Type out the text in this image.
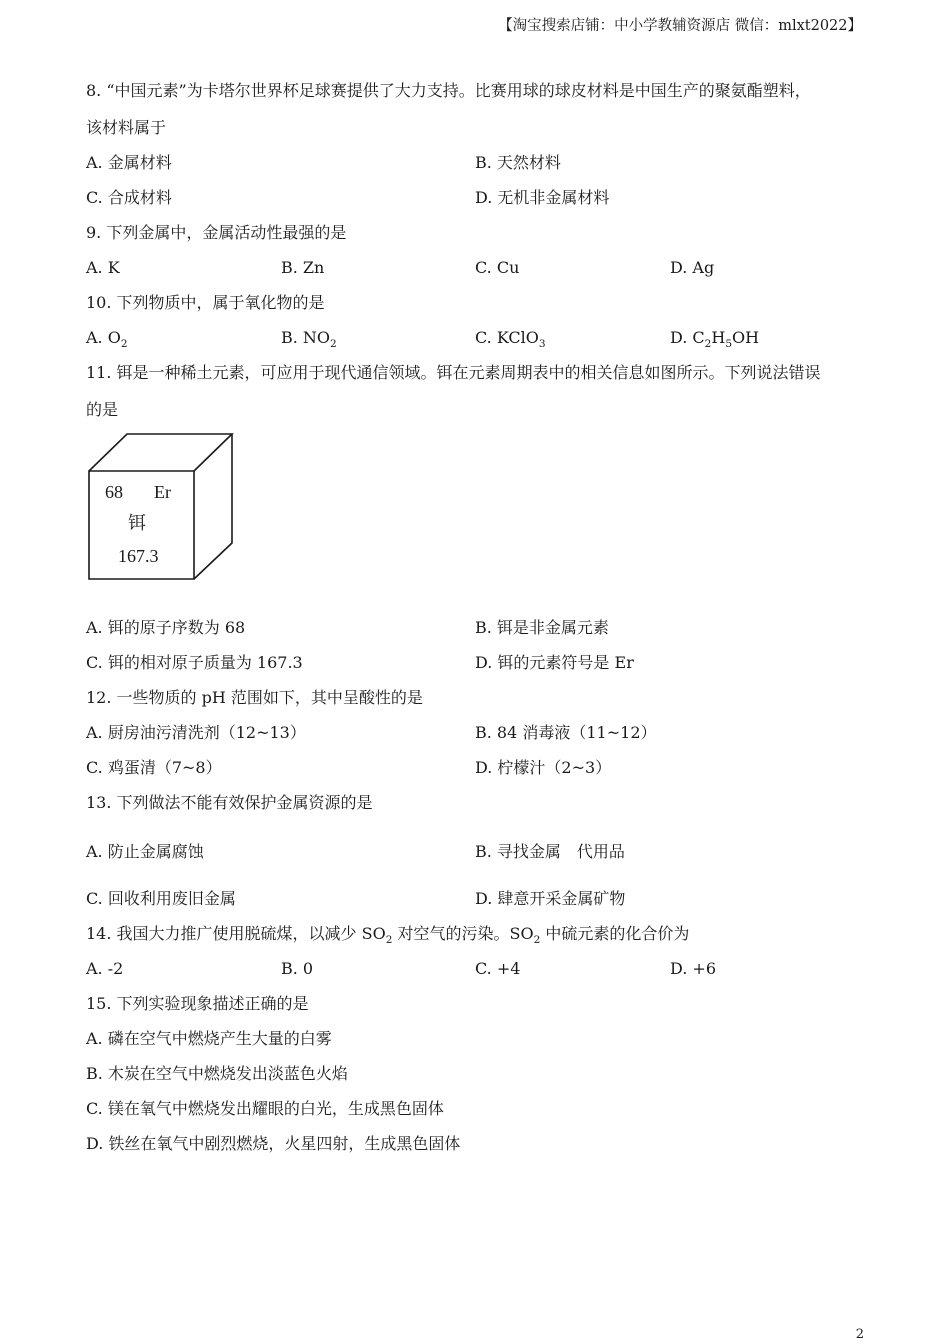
【淘宝搜索店铺：中小学教辅资源店 微信：mlxt2022】
8. “中国元素”为卡塔尔世界杯足球赛提供了大力支持。比赛用球的球皮材料是中国生产的聚氨酯塑料，
该材料属于
A. 金属材料	B. 天然材料
C. 合成材料	D. 无机非金属材料
9. 下列金属中，金属活动性最强的是
A. K	B. Zn	C. Cu	D. Ag
10. 下列物质中，属于氧化物的是
A. $O_2$	B. $NO_2$	C. KClO$_3$	D. $C_2H_5OH$
11. 铒是一种稀土元素，可应用于现代通信领域。铒在元素周期表中的相关信息如图所示。下列说法错误
的是
68 Er
铒
167.3
A. 铒的原子序数为 68	B. 铒是非金属元素
C. 铒的相对原子质量为 167.3	D. 铒的元素符号是 Er
12. 一些物质的 pH 范围如下，其中呈酸性的是
A. 厨房油污清洗剂（12~13）	B. 84 消毒液（11~12）
C. 鸡蛋清（7~8）	D. 柠檬汁（2~3）
13. 下列做法不能有效保护金属资源的是
A. 防止金属腐蚀	B. 寻找金属　代用品
C. 回收利用废旧金属	D. 肆意开采金属矿物
14. 我国大力推广使用脱硫煤，以减少 $SO_2$ 对空气的污染。$SO_2$ 中硫元素的化合价为
A. -2	B. 0	C. +4	D. +6
15. 下列实验现象描述正确的是
A. 磷在空气中燃烧产生大量的白雾
B. 木炭在空气中燃烧发出淡蓝色火焰
C. 镁在氧气中燃烧发出耀眼的白光，生成黑色固体
D. 铁丝在氧气中剧烈燃烧，火星四射，生成黑色固体
2
